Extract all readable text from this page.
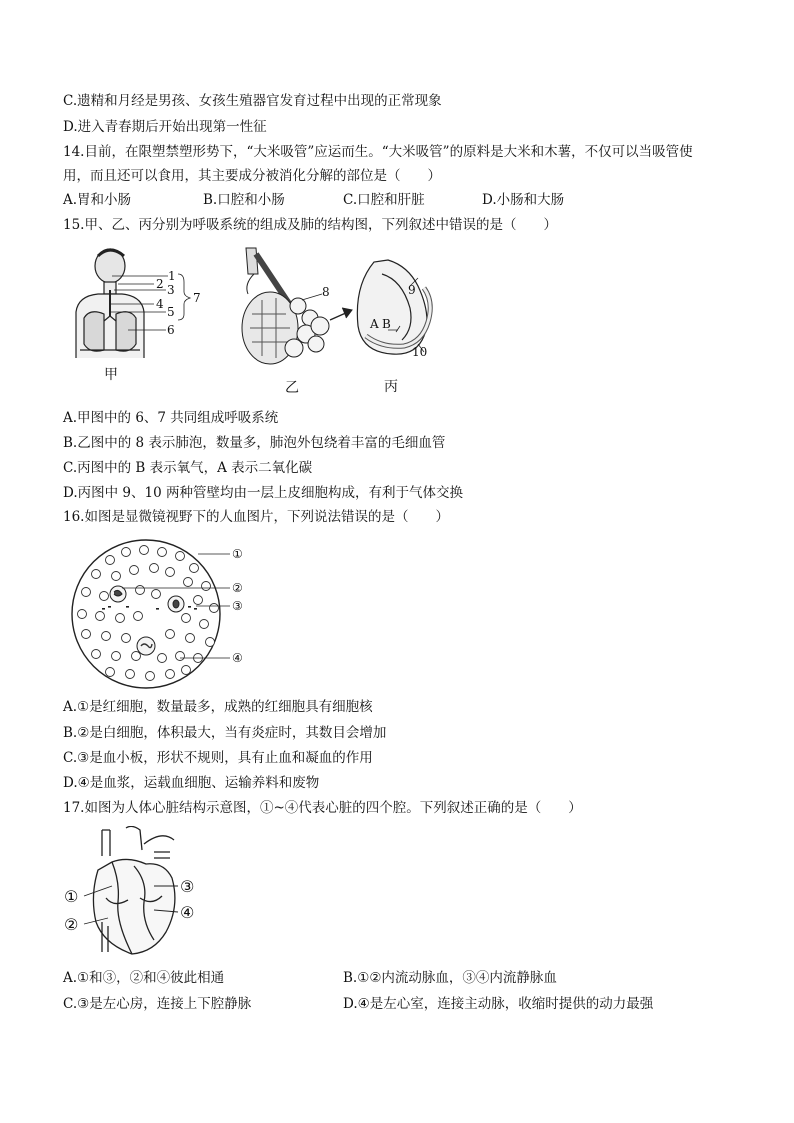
C.遗精和月经是男孩、女孩生殖器官发育过程中出现的正常现象
D.进入青春期后开始出现第一性征
14.目前，在限塑禁塑形势下，“大米吸管”应运而生。“大米吸管”的原料是大米和木薯，不仅可以当吸管使
用，而且还可以食用，其主要成分被消化分解的部位是（　　）
A.胃和小肠	B.口腔和小肠	C.口腔和肝脏	D.小肠和大肠
15.甲、乙、丙分别为呼吸系统的组成及肺的结构图，下列叙述中错误的是（　　）
1
2 3
4
5
6
7
甲
8
乙
9
10
A B
丙
A.甲图中的 6、7 共同组成呼吸系统
B.乙图中的 8 表示肺泡，数量多，肺泡外包绕着丰富的毛细血管
C.丙图中的 B 表示氧气，A 表示二氧化碳
D.丙图中 9、10 两种管壁均由一层上皮细胞构成，有利于气体交换
16.如图是显微镜视野下的人血图片，下列说法错误的是（　　）
①
②
③
④
A.①是红细胞，数量最多，成熟的红细胞具有细胞核
B.②是白细胞，体积最大，当有炎症时，其数目会增加
C.③是血小板，形状不规则，具有止血和凝血的作用
D.④是血浆，运载血细胞、运输养料和废物
17.如图为人体心脏结构示意图，①~④代表心脏的四个腔。下列叙述正确的是（　　）
①
②
③
④
A.①和③，②和④彼此相通	B.①②内流动脉血，③④内流静脉血
C.③是左心房，连接上下腔静脉	D.④是左心室，连接主动脉，收缩时提供的动力最强
